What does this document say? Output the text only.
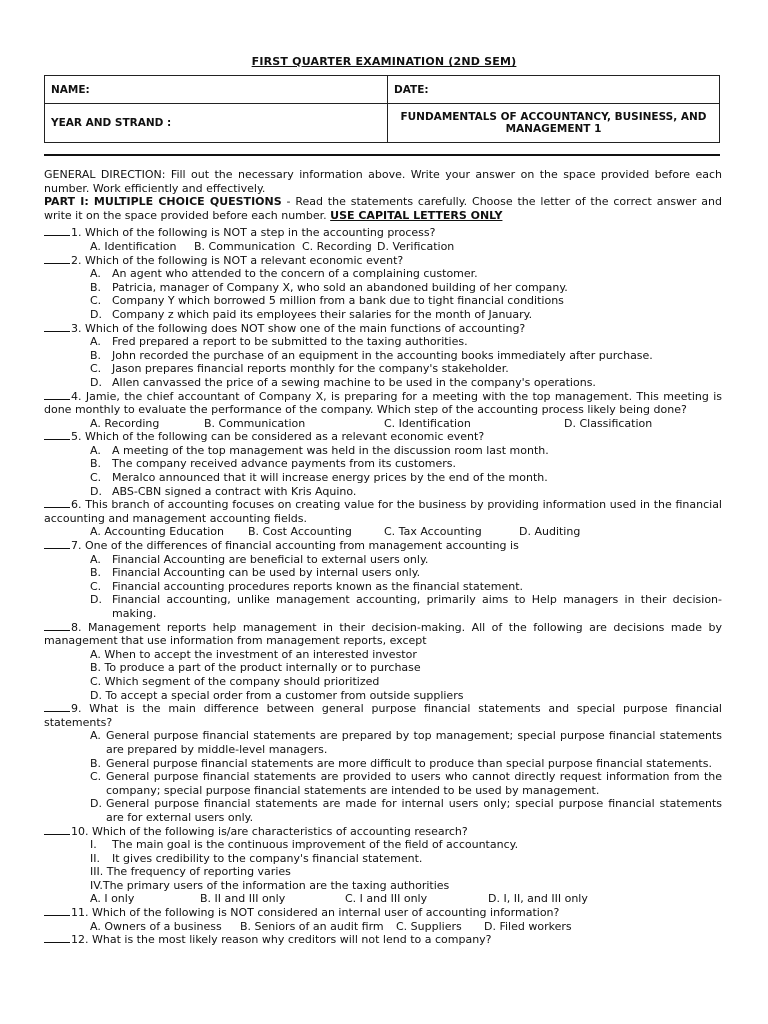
FIRST QUARTER EXAMINATION (2ND SEM)
NAME:	DATE:
YEAR AND STRAND :	FUNDAMENTALS OF ACCOUNTANCY, BUSINESS, AND MANAGEMENT 1

GENERAL DIRECTION: Fill out the necessary information above. Write your answer on the space provided before each number. Work efficiently and effectively.

PART I: MULTIPLE CHOICE QUESTIONS - Read the statements carefully. Choose the letter of the correct answer and write it on the space provided before each number. USE CAPITAL LETTERS ONLY

1. Which of the following is NOT a step in the accounting process?

A. Identification	B. Communication C. Recording D. Verification

2. Which of the following is NOT a relevant economic event?

A.	An agent who attended to the concern of a complaining customer.
B. Patricia, manager of Company X, who sold an abandoned building of her company.
C. Company Y which borrowed 5 million from a bank due to tight financial conditions
D. Company z which paid its employees their salaries for the month of January.

3. Which of the following does NOT show one of the main functions of accounting?

A.	Fred prepared a report to be submitted to the taxing authorities.
B. John recorded the purchase of an equipment in the accounting books immediately after purchase.
C. Jason prepares financial reports monthly for the company's stakeholder.
D. Allen canvassed the price of a sewing machine to be used in the company's operations.

4. Jamie, the chief accountant of Company X, is preparing for a meeting with the top management. This meeting is done monthly to evaluate the performance of the company. Which step of the accounting process likely being done?

A. Recording	B. Communication	C. Identification	D. Classification

5. Which of the following can be considered as a relevant economic event?

A.	A meeting of the top management was held in the discussion room last month.
B. The company received advance payments from its customers.
C. Meralco announced that it will increase energy prices by the end of the month.
D. ABS-CBN signed a contract with Kris Aquino.

6. This branch of accounting focuses on creating value for the business by providing information used in the financial accounting and management accounting fields.

A. Accounting Education	B. Cost Accounting	C. Tax Accounting	D. Auditing

7. One of the differences of financial accounting from management accounting is

A.	Financial Accounting are beneficial to external users only.
B. Financial Accounting can be used by internal users only.
C. Financial accounting procedures reports known as the financial statement.
D. Financial accounting, unlike management accounting, primarily aims to Help managers in their decision-making.

8. Management reports help management in their decision-making. All of the following are decisions made by management that use information from management reports, except

A. When to accept the investment of an interested investor
B. To produce a part of the product internally or to purchase
C. Which segment of the company should prioritized
D. To accept a special order from a customer from outside suppliers

9. What is the main difference between general purpose financial statements and special purpose financial statements?

A. General purpose financial statements are prepared by top management; special purpose financial statements are prepared by middle-level managers.
B. General purpose financial statements are more difficult to produce than special purpose financial statements.
C. General purpose financial statements are provided to users who cannot directly request information from the company; special purpose financial statements are intended to be used by management.
D. General purpose financial statements are made for internal users only; special purpose financial statements are for external users only.

10. Which of the following is/are characteristics of accounting research?

I.	The main goal is the continuous improvement of the field of accountancy.
II.	It gives credibility to the company's financial statement.
III. The frequency of reporting varies
IV.The primary users of the information are the taxing authorities
A. I only	B. II and III only	C. I and III only	D. I, II, and III only

11. Which of the following is NOT considered an internal user of accounting information?

A. Owners of a business	B. Seniors of an audit firm	C. Suppliers	D. Filed workers

12. What is the most likely reason why creditors will not lend to a company?
